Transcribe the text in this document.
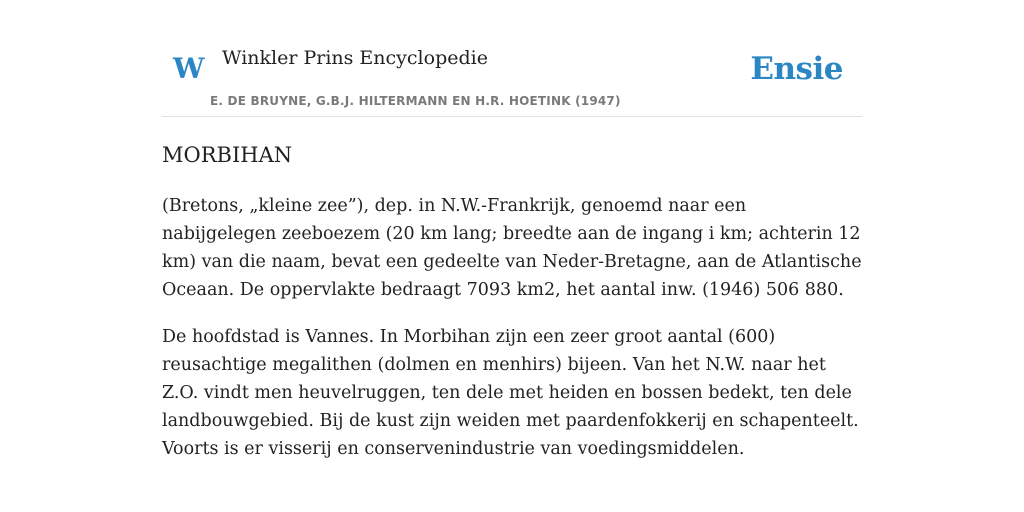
W Winkler Prins Encyclopedie
E. DE BRUYNE, G.B.J. HILTERMANN EN H.R. HOETINK (1947)
Ensie
MORBIHAN

(Bretons, „kleine zee”), dep. in N.W.-Frankrijk, genoemd naar een nabijgelegen zeeboezem (20 km lang; breedte aan de ingang i km; achterin 12 km) van die naam, bevat een gedeelte van Neder-Bretagne, aan de Atlantische Oceaan. De oppervlakte bedraagt 7093 km2, het aantal inw. (1946) 506 880.

De hoofdstad is Vannes. In Morbihan zijn een zeer groot aantal (600) reusachtige megalithen (dolmen en menhirs) bijeen. Van het N.W. naar het Z.O. vindt men heuvelruggen, ten dele met heiden en bossen bedekt, ten dele landbouwgebied. Bij de kust zijn weiden met paardenfokkerij en schapenteelt. Voorts is er visserij en conservenindustrie van voedingsmiddelen.
